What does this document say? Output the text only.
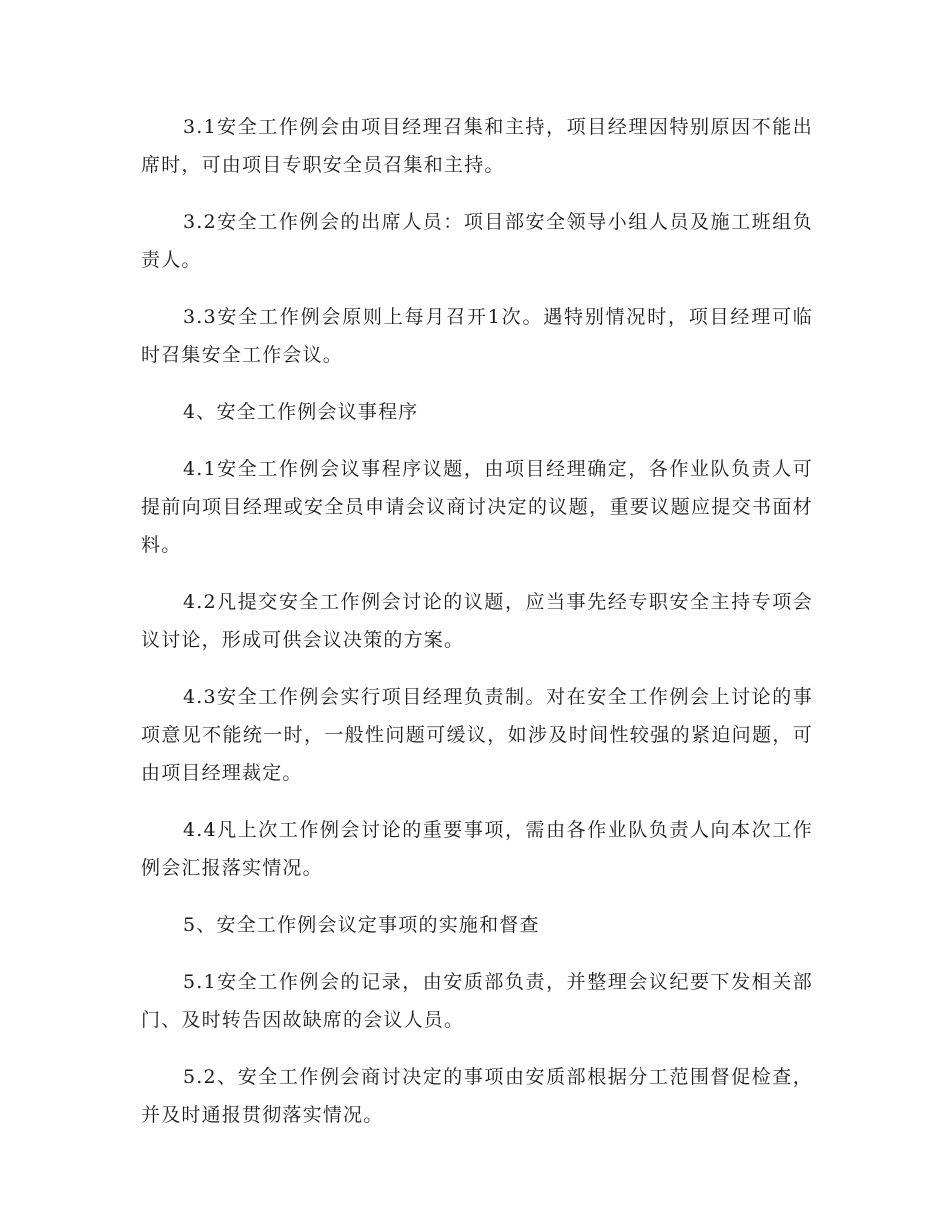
3.1安全工作例会由项目经理召集和主持，项目经理因特别原因不能出席时，可由项目专职安全员召集和主持。

3.2安全工作例会的出席人员：项目部安全领导小组人员及施工班组负责人。

3.3安全工作例会原则上每月召开1次。遇特别情况时，项目经理可临时召集安全工作会议。

4、安全工作例会议事程序

4.1安全工作例会议事程序议题，由项目经理确定，各作业队负责人可提前向项目经理或安全员申请会议商讨决定的议题，重要议题应提交书面材料。

4.2凡提交安全工作例会讨论的议题，应当事先经专职安全主持专项会议讨论，形成可供会议决策的方案。

4.3安全工作例会实行项目经理负责制。对在安全工作例会上讨论的事项意见不能统一时，一般性问题可缓议，如涉及时间性较强的紧迫问题，可由项目经理裁定。

4.4凡上次工作例会讨论的重要事项，需由各作业队负责人向本次工作例会汇报落实情况。

5、安全工作例会议定事项的实施和督查

5.1安全工作例会的记录，由安质部负责，并整理会议纪要下发相关部门、及时转告因故缺席的会议人员。

5.2、安全工作例会商讨决定的事项由安质部根据分工范围督促检查，并及时通报贯彻落实情况。
